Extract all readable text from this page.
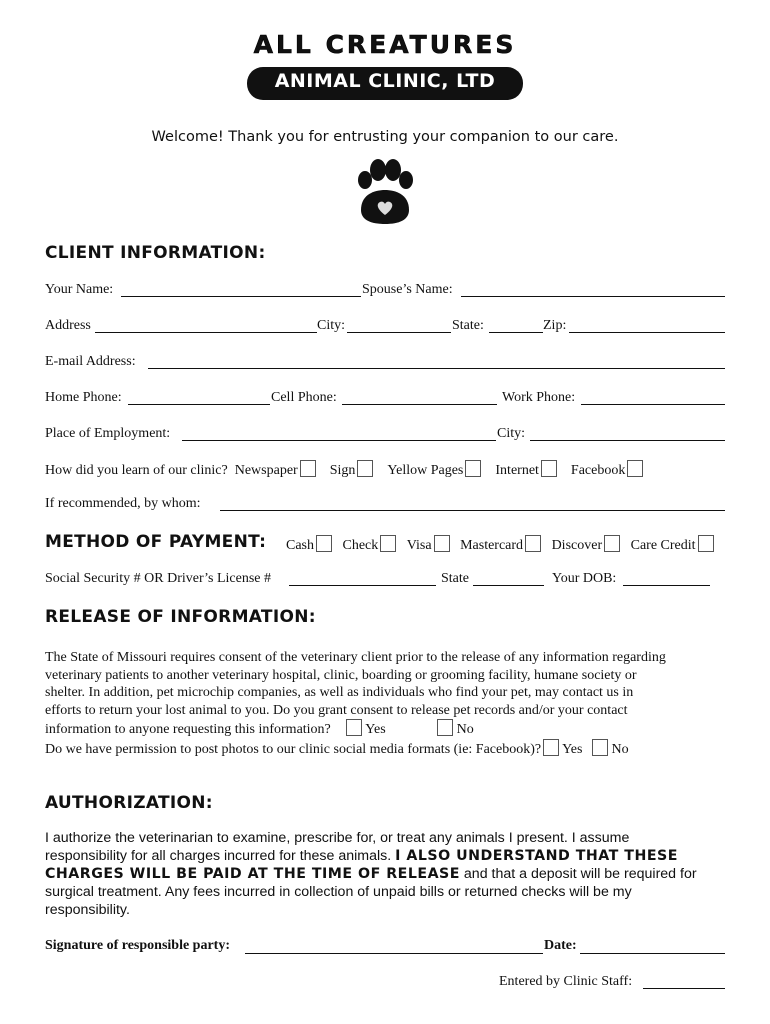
ALL CREATURES
ANIMAL CLINIC, LTD
Welcome! Thank you for entrusting your companion to our care.
CLIENT INFORMATION:
Your Name:	Spouse’s Name:
Address	City:	State:	Zip:
E-mail Address:
Home Phone:	Cell Phone:	Work Phone:
Place of Employment:	City:
How did you learn of our clinic? Newspaper Sign Yellow Pages Internet Facebook
If recommended, by whom:
METHOD OF PAYMENT: Cash Check Visa Mastercard Discover Care Credit
Social Security # OR Driver’s License #	State	Your DOB:
RELEASE OF INFORMATION:
The State of Missouri requires consent of the veterinary client prior to the release of any information regarding
veterinary patients to another veterinary hospital, clinic, boarding or grooming facility, humane society or
shelter. In addition, pet microchip companies, as well as individuals who find your pet, may contact us in
efforts to return your lost animal to you. Do you grant consent to release pet records and/or your contact
information to anyone requesting this information? Yes	No
Do we have permission to post photos to our clinic social media formats (ie: Facebook)? Yes No
AUTHORIZATION:
I authorize the veterinarian to examine, prescribe for, or treat any animals I present. I assume
responsibility for all charges incurred for these animals. I ALSO UNDERSTAND THAT THESE
CHARGES WILL BE PAID AT THE TIME OF RELEASE and that a deposit will be required for
surgical treatment. Any fees incurred in collection of unpaid bills or returned checks will be my
responsibility.
Signature of responsible party:	Date:
Entered by Clinic Staff:
